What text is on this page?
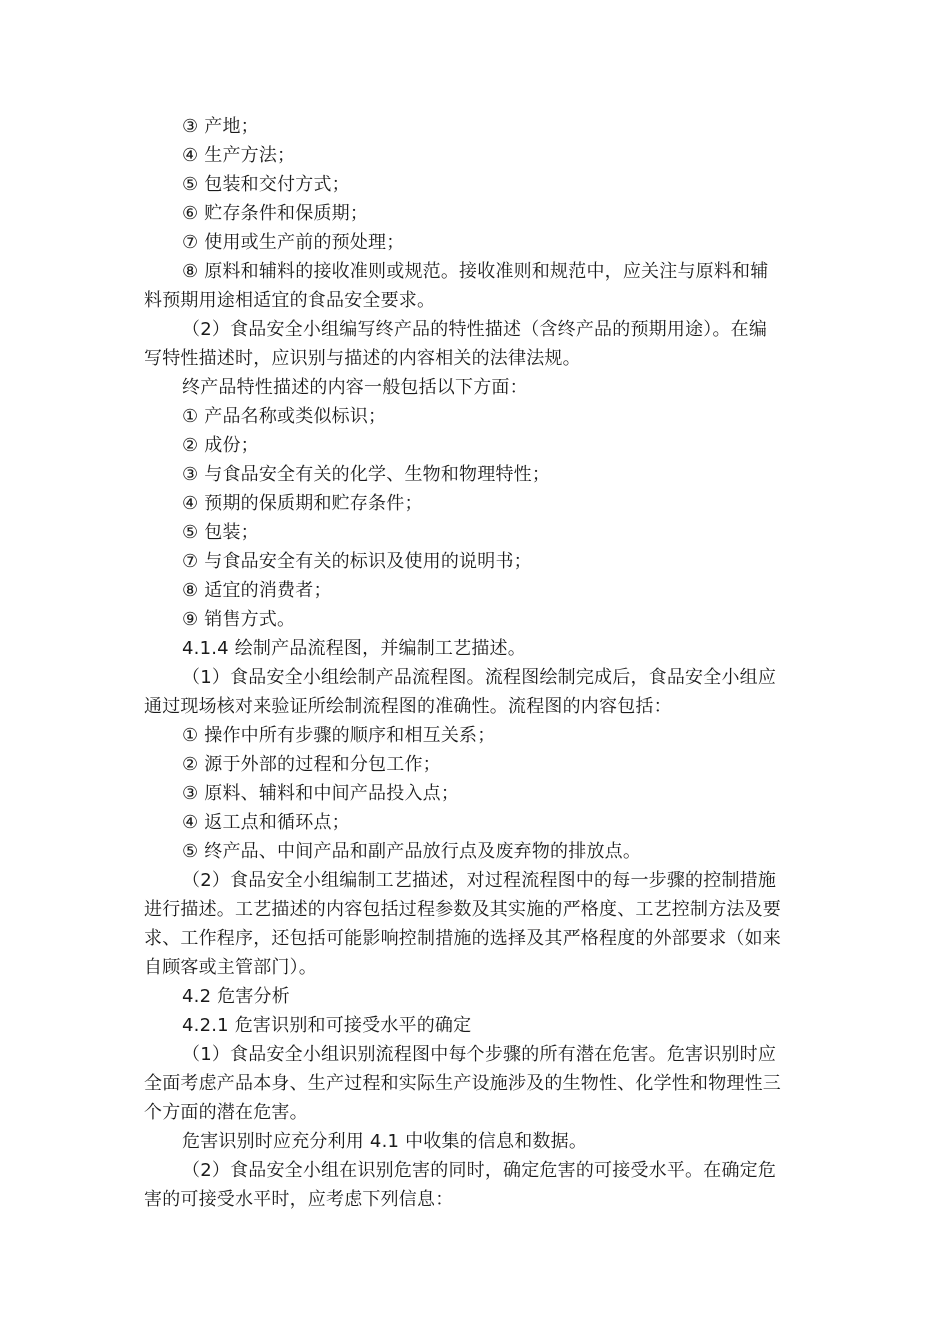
③ 产地；
④ 生产方法；
⑤ 包装和交付方式；
⑥ 贮存条件和保质期；
⑦ 使用或生产前的预处理；
⑧ 原料和辅料的接收准则或规范。接收准则和规范中，应关注与原料和辅
料预期用途相适宜的食品安全要求。
（2）食品安全小组编写终产品的特性描述（含终产品的预期用途）。在编
写特性描述时，应识别与描述的内容相关的法律法规。
终产品特性描述的内容一般包括以下方面：
① 产品名称或类似标识；
② 成份；
③ 与食品安全有关的化学、生物和物理特性；
④ 预期的保质期和贮存条件；
⑤ 包装；
⑦ 与食品安全有关的标识及使用的说明书；
⑧ 适宜的消费者；
⑨ 销售方式。
4.1.4 绘制产品流程图，并编制工艺描述。
（1）食品安全小组绘制产品流程图。流程图绘制完成后，食品安全小组应
通过现场核对来验证所绘制流程图的准确性。流程图的内容包括：
① 操作中所有步骤的顺序和相互关系；
② 源于外部的过程和分包工作；
③ 原料、辅料和中间产品投入点；
④ 返工点和循环点；
⑤ 终产品、中间产品和副产品放行点及废弃物的排放点。
（2）食品安全小组编制工艺描述，对过程流程图中的每一步骤的控制措施
进行描述。工艺描述的内容包括过程参数及其实施的严格度、工艺控制方法及要
求、工作程序，还包括可能影响控制措施的选择及其严格程度的外部要求（如来
自顾客或主管部门）。
4.2 危害分析
4.2.1 危害识别和可接受水平的确定
（1）食品安全小组识别流程图中每个步骤的所有潜在危害。危害识别时应
全面考虑产品本身、生产过程和实际生产设施涉及的生物性、化学性和物理性三
个方面的潜在危害。
危害识别时应充分利用 4.1 中收集的信息和数据。
（2）食品安全小组在识别危害的同时，确定危害的可接受水平。在确定危
害的可接受水平时，应考虑下列信息：
